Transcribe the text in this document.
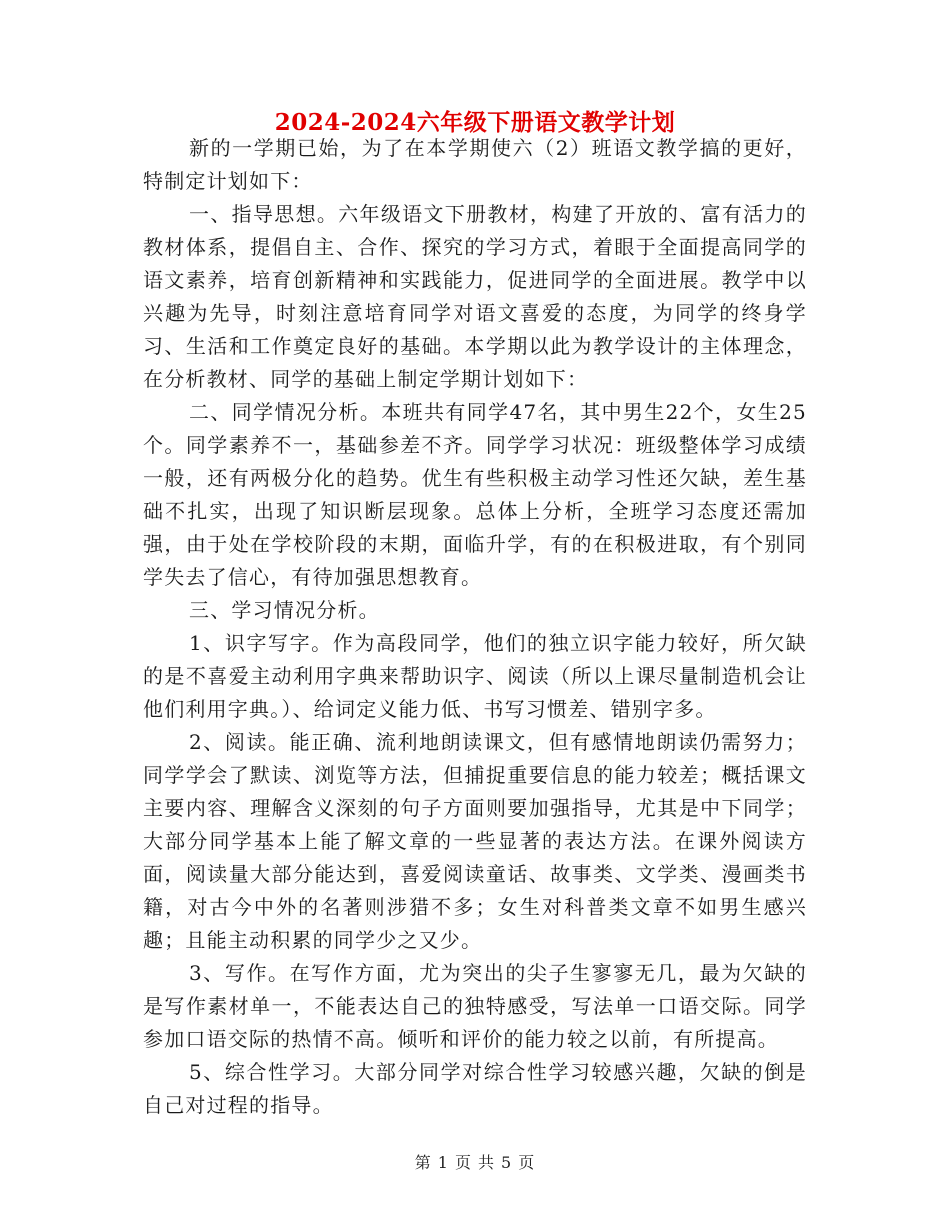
2024-2024六年级下册语文教学计划

新的一学期已始，为了在本学期使六（2）班语文教学搞的更好，特制定计划如下：

一、指导思想。六年级语文下册教材，构建了开放的、富有活力的教材体系，提倡自主、合作、探究的学习方式，着眼于全面提高同学的语文素养，培育创新精神和实践能力，促进同学的全面进展。教学中以兴趣为先导，时刻注意培育同学对语文喜爱的态度，为同学的终身学习、生活和工作奠定良好的基础。本学期以此为教学设计的主体理念，在分析教材、同学的基础上制定学期计划如下：

二、同学情况分析。本班共有同学47名，其中男生22个，女生25个。同学素养不一，基础参差不齐。同学学习状况：班级整体学习成绩一般，还有两极分化的趋势。优生有些积极主动学习性还欠缺，差生基础不扎实，出现了知识断层现象。总体上分析，全班学习态度还需加强，由于处在学校阶段的末期，面临升学，有的在积极进取，有个别同学失去了信心，有待加强思想教育。

三、学习情况分析。

1、识字写字。作为高段同学，他们的独立识字能力较好，所欠缺的是不喜爱主动利用字典来帮助识字、阅读（所以上课尽量制造机会让他们利用字典。）、给词定义能力低、书写习惯差、错别字多。

2、阅读。能正确、流利地朗读课文，但有感情地朗读仍需努力；同学学会了默读、浏览等方法，但捕捉重要信息的能力较差；概括课文主要内容、理解含义深刻的句子方面则要加强指导，尤其是中下同学；大部分同学基本上能了解文章的一些显著的表达方法。在课外阅读方面，阅读量大部分能达到，喜爱阅读童话、故事类、文学类、漫画类书籍，对古今中外的名著则涉猎不多；女生对科普类文章不如男生感兴趣；且能主动积累的同学少之又少。

3、写作。在写作方面，尤为突出的尖子生寥寥无几，最为欠缺的是写作素材单一，不能表达自己的独特感受，写法单一口语交际。同学参加口语交际的热情不高。倾听和评价的能力较之以前，有所提高。

5、综合性学习。大部分同学对综合性学习较感兴趣，欠缺的倒是自己对过程的指导。

第 1 页 共 5 页
